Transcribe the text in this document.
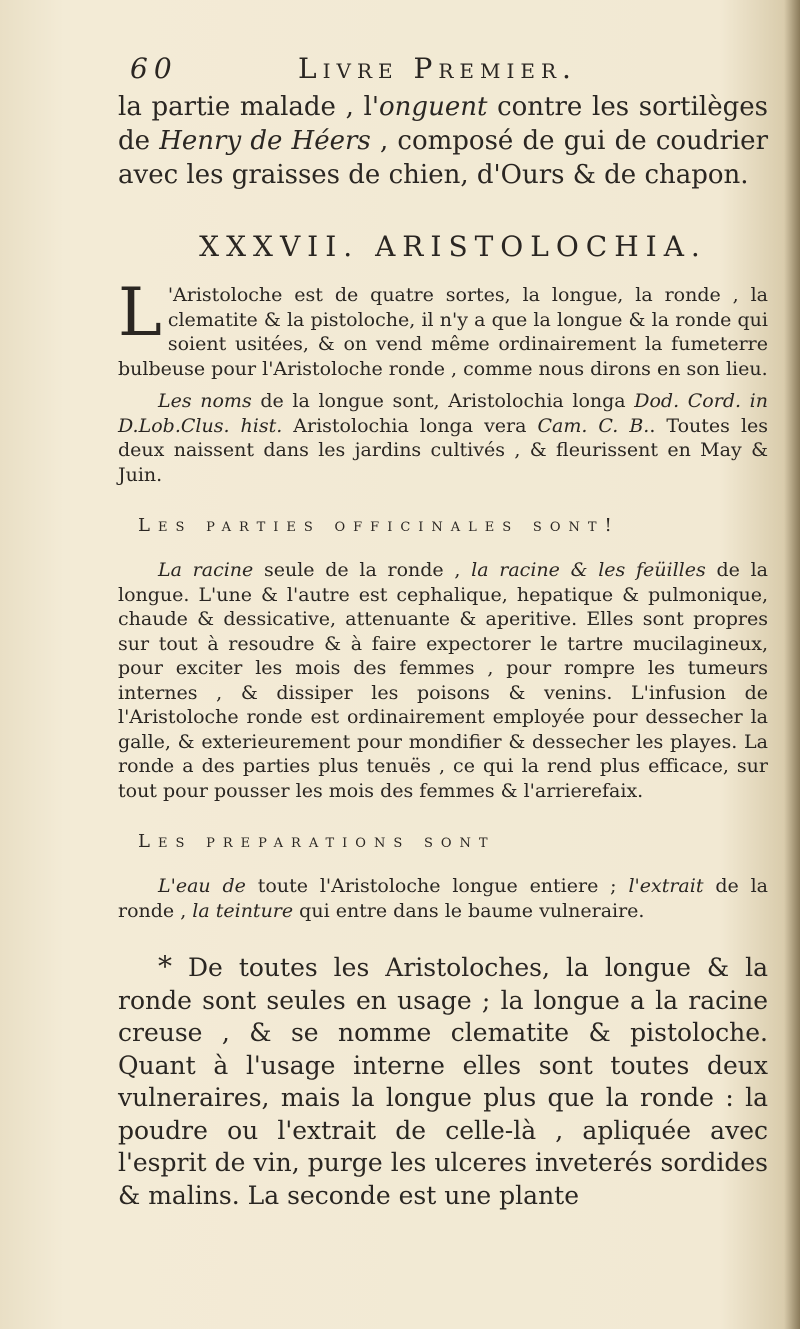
60	Livre Premier.

la partie malade , l'onguent contre les sortilèges de Henry de Héers , composé de gui de coudrier avec les graisses de chien, d'Ours & de chapon.

XXXVII. ARISTOLOCHIA.

L 'Aristoloche est de quatre sortes, la longue, la ronde , la clematite & la pistoloche, il n'y a que la longue & la ronde qui soient usitées, & on vend même ordinairement la fumeterre bulbeuse pour l'Aristoloche ronde , comme nous dirons en son lieu.

Les noms de la longue sont, Aristolochia longa Dod. Cord. in D.Lob.Clus. hist. Aristolochia longa vera Cam. C. B.. Toutes les deux naissent dans les jardins cultivés , & fleurissent en May & Juin.

Les parties officinales sont!

La racine seule de la ronde , la racine & les feüilles de la longue. L'une & l'autre est cephalique, hepatique & pulmonique, chaude & dessicative, attenuante & aperitive. Elles sont propres sur tout à resoudre & à faire expectorer le tartre mucilagineux, pour exciter les mois des femmes , pour rompre les tumeurs internes , & dissiper les poisons & venins. L'infusion de l'Aristoloche ronde est ordinairement employée pour dessecher la galle, & exterieurement pour mondifier & dessecher les playes. La ronde a des parties plus tenuës , ce qui la rend plus efficace, sur tout pour pousser les mois des femmes & l'arrierefaix.

Les preparations sont

L'eau de toute l'Aristoloche longue entiere ; l'extrait de la ronde , la teinture qui entre dans le baume vulneraire.

* De toutes les Aristoloches, la longue & la ronde sont seules en usage ; la longue a la racine creuse , & se nomme clematite & pistoloche. Quant à l'usage interne elles sont toutes deux vulneraires, mais la longue plus que la ronde : la poudre ou l'extrait de celle-là , apliquée avec l'esprit de vin, purge les ulceres inveterés sordides & malins. La seconde est une plante
